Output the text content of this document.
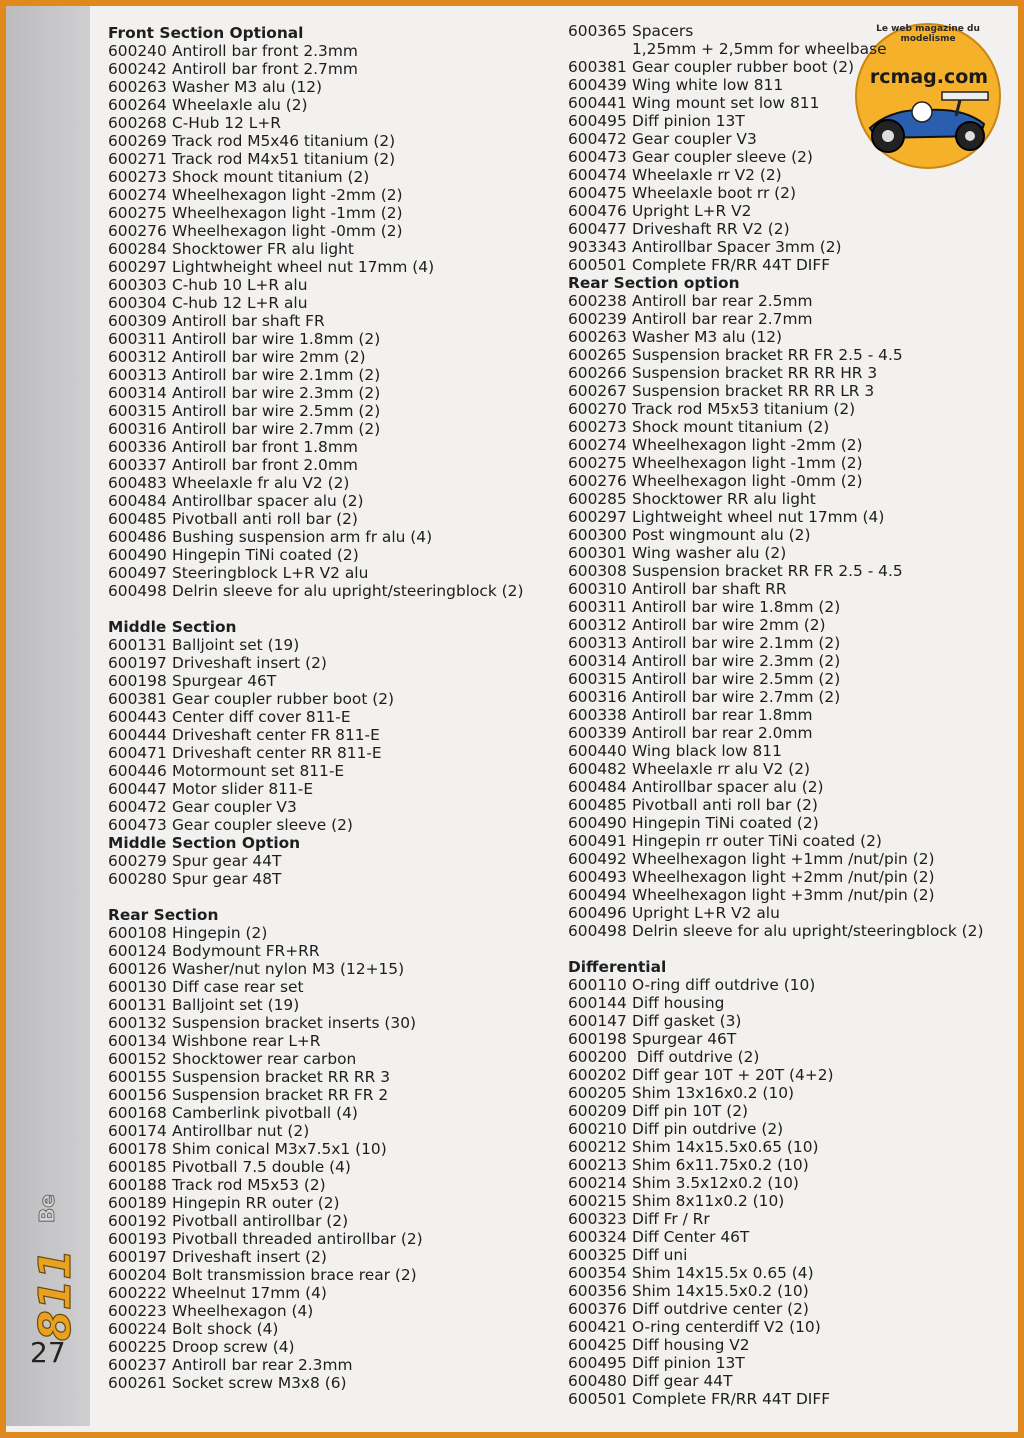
811
Be
27
Le web magazine du modelisme
rcmag.com
Front Section Optional
600240 Antiroll bar front 2.3mm
600242 Antiroll bar front 2.7mm
600263 Washer M3 alu (12)
600264 Wheelaxle alu (2)
600268 C-Hub 12 L+R
600269 Track rod M5x46 titanium (2)
600271 Track rod M4x51 titanium (2)
600273 Shock mount titanium (2)
600274 Wheelhexagon light -2mm (2)
600275 Wheelhexagon light -1mm (2)
600276 Wheelhexagon light -0mm (2)
600284 Shocktower FR alu light
600297 Lightwheight wheel nut 17mm (4)
600303 C-hub 10 L+R alu
600304 C-hub 12 L+R alu
600309 Antiroll bar shaft FR
600311 Antiroll bar wire 1.8mm (2)
600312 Antiroll bar wire 2mm (2)
600313 Antiroll bar wire 2.1mm (2)
600314 Antiroll bar wire 2.3mm (2)
600315 Antiroll bar wire 2.5mm (2)
600316 Antiroll bar wire 2.7mm (2)
600336 Antiroll bar front 1.8mm
600337 Antiroll bar front 2.0mm
600483 Wheelaxle fr alu V2 (2)
600484 Antirollbar spacer alu (2)
600485 Pivotball anti roll bar (2)
600486 Bushing suspension arm fr alu (4)
600490 Hingepin TiNi coated (2)
600497 Steeringblock L+R V2 alu
600498 Delrin sleeve for alu upright/steeringblock (2)
Middle Section
600131 Balljoint set (19)
600197 Driveshaft insert (2)
600198 Spurgear 46T
600381 Gear coupler rubber boot (2)
600443 Center diff cover 811-E
600444 Driveshaft center FR 811-E
600471 Driveshaft center RR 811-E
600446 Motormount set 811-E
600447 Motor slider 811-E
600472 Gear coupler V3
600473 Gear coupler sleeve (2)
Middle Section Option
600279 Spur gear 44T
600280 Spur gear 48T
Rear Section
600108 Hingepin (2)
600124 Bodymount FR+RR
600126 Washer/nut nylon M3 (12+15)
600130 Diff case rear set
600131 Balljoint set (19)
600132 Suspension bracket inserts (30)
600134 Wishbone rear L+R
600152 Shocktower rear carbon
600155 Suspension bracket RR RR 3
600156 Suspension bracket RR FR 2
600168 Camberlink pivotball (4)
600174 Antirollbar nut (2)
600178 Shim conical M3x7.5x1 (10)
600185 Pivotball 7.5 double (4)
600188 Track rod M5x53 (2)
600189 Hingepin RR outer (2)
600192 Pivotball antirollbar (2)
600193 Pivotball threaded antirollbar (2)
600197 Driveshaft insert (2)
600204 Bolt transmission brace rear (2)
600222 Wheelnut 17mm (4)
600223 Wheelhexagon (4)
600224 Bolt shock (4)
600225 Droop screw (4)
600237 Antiroll bar rear 2.3mm
600261 Socket screw M3x8 (6)
600365 Spacers
1,25mm + 2,5mm for wheelbase
600381 Gear coupler rubber boot (2)
600439 Wing white low 811
600441 Wing mount set low 811
600495 Diff pinion 13T
600472 Gear coupler V3
600473 Gear coupler sleeve (2)
600474 Wheelaxle rr V2 (2)
600475 Wheelaxle boot rr (2)
600476 Upright L+R V2
600477 Driveshaft RR V2 (2)
903343 Antirollbar Spacer 3mm (2)
600501 Complete FR/RR 44T DIFF
Rear Section option
600238 Antiroll bar rear 2.5mm
600239 Antiroll bar rear 2.7mm
600263 Washer M3 alu (12)
600265 Suspension bracket RR FR 2.5 - 4.5
600266 Suspension bracket RR RR HR 3
600267 Suspension bracket RR RR LR 3
600270 Track rod M5x53 titanium (2)
600273 Shock mount titanium (2)
600274 Wheelhexagon light -2mm (2)
600275 Wheelhexagon light -1mm (2)
600276 Wheelhexagon light -0mm (2)
600285 Shocktower RR alu light
600297 Lightweight wheel nut 17mm (4)
600300 Post wingmount alu (2)
600301 Wing washer alu (2)
600308 Suspension bracket RR FR 2.5 - 4.5
600310 Antiroll bar shaft RR
600311 Antiroll bar wire 1.8mm (2)
600312 Antiroll bar wire 2mm (2)
600313 Antiroll bar wire 2.1mm (2)
600314 Antiroll bar wire 2.3mm (2)
600315 Antiroll bar wire 2.5mm (2)
600316 Antiroll bar wire 2.7mm (2)
600338 Antiroll bar rear 1.8mm
600339 Antiroll bar rear 2.0mm
600440 Wing black low 811
600482 Wheelaxle rr alu V2 (2)
600484 Antirollbar spacer alu (2)
600485 Pivotball anti roll bar (2)
600490 Hingepin TiNi coated (2)
600491 Hingepin rr outer TiNi coated (2)
600492 Wheelhexagon light +1mm /nut/pin (2)
600493 Wheelhexagon light +2mm /nut/pin (2)
600494 Wheelhexagon light +3mm /nut/pin (2)
600496 Upright L+R V2 alu
600498 Delrin sleeve for alu upright/steeringblock (2)
Differential
600110 O-ring diff outdrive (10)
600144 Diff housing
600147 Diff gasket (3)
600198 Spurgear 46T
600200 Diff outdrive (2)
600202 Diff gear 10T + 20T (4+2)
600205 Shim 13x16x0.2 (10)
600209 Diff pin 10T (2)
600210 Diff pin outdrive (2)
600212 Shim 14x15.5x0.65 (10)
600213 Shim 6x11.75x0.2 (10)
600214 Shim 3.5x12x0.2 (10)
600215 Shim 8x11x0.2 (10)
600323 Diff Fr / Rr
600324 Diff Center 46T
600325 Diff uni
600354 Shim 14x15.5x 0.65 (4)
600356 Shim 14x15.5x0.2 (10)
600376 Diff outdrive center (2)
600421 O-ring centerdiff V2 (10)
600425 Diff housing V2
600495 Diff pinion 13T
600480 Diff gear 44T
600501 Complete FR/RR 44T DIFF
